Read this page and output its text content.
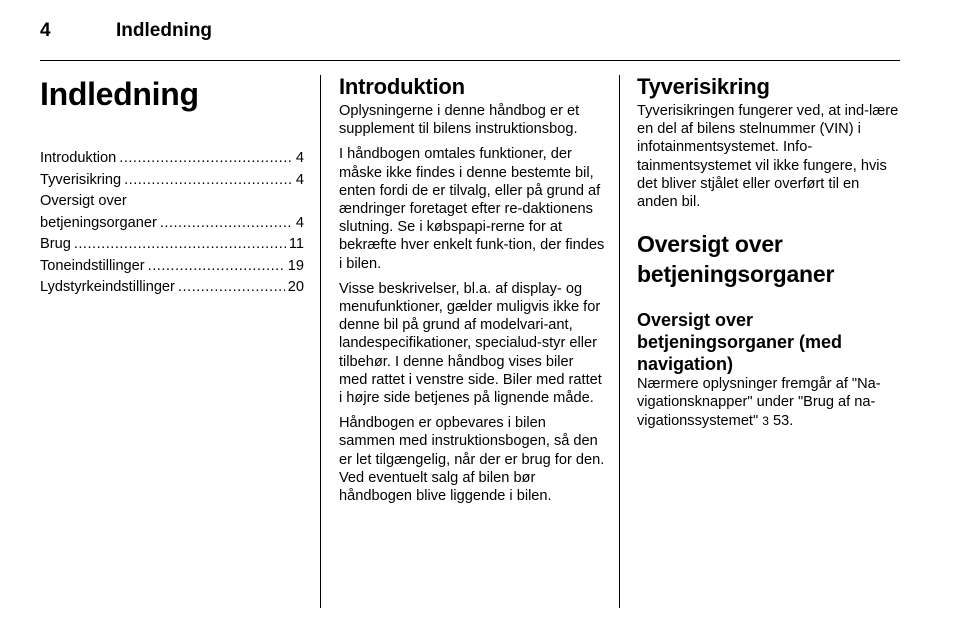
4	Indledning
Indledning
Introduktion .....	4
Tyverisikring .....	4
Oversigt over
betjeningsorganer .....	4
Brug .....	11
Toneindstillinger .....	19
Lydstyrkeindstillinger .....	20
Introduktion

Oplysningerne i denne håndbog er et supplement til bilens instruktionsbog.

I håndbogen omtales funktioner, der måske ikke findes i denne bestemte bil, enten fordi de er tilvalg, eller på grund af ændringer foretaget efter re-daktionens slutning. Se i købspapi-rerne for at bekræfte hver enkelt funk-tion, der findes i bilen.

Visse beskrivelser, bl.a. af display- og menufunktioner, gælder muligvis ikke for denne bil på grund af modelvari-ant, landespecifikationer, specialud-styr eller tilbehør. I denne håndbog vises biler med rattet i venstre side. Biler med rattet i højre side betjenes på lignende måde.

Håndbogen er opbevares i bilen sammen med instruktionsbogen, så den er let tilgængelig, når der er brug for den. Ved eventuelt salg af bilen bør håndbogen blive liggende i bilen.

Tyverisikring

Tyverisikringen fungerer ved, at ind-lære en del af bilens stelnummer (VIN) i infotainmentsystemet. Info-tainmentsystemet vil ikke fungere, hvis det bliver stjålet eller overført til en anden bil.

Oversigt over betjeningsorganer
Oversigt over betjeningsorganer (med navigation)

Nærmere oplysninger fremgår af "Na-vigationsknapper" under "Brug af na-vigationssystemet" 3 53.
